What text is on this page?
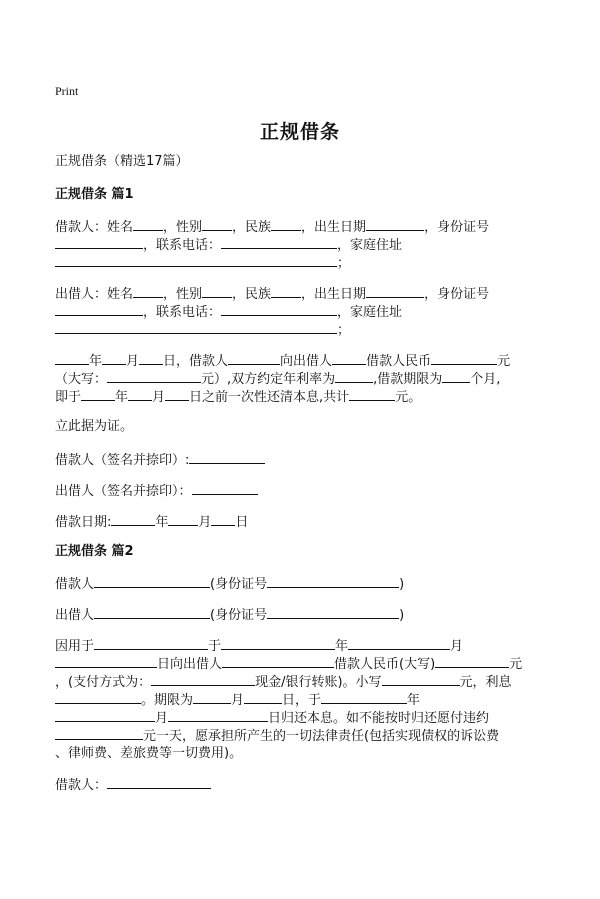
Print
正规借条
正规借条（精选17篇）
正规借条 篇1
借款人：姓名 ，性别 ，民族 ，出生日期	，身份证号
，联系电话：	，家庭住址
；
出借人：姓名 ，性别 ，民族 ，出生日期	，身份证号
，联系电话：	，家庭住址
；
年 月 日，借款人	向出借人	借款人民币	元
（大写：	元）,双方约定年利率为	,借款期限为 个月,
即于	年 月 日之前一次性还清本息,共计	元。
立此据为证。
借款人（签名并捺印）:
出借人（签名并捺印）：
借款日期:	年 月 日
正规借条 篇2
借款人	(身份证号	)
出借人	(身份证号	)
因用于	于	年	月
日向出借人	借款人民币(大写)	元
，(支付方式为：	现金/银行转账)。小写	元，利息
。期限为	月	日，于	年
月	日归还本息。如不能按时归还愿付违约
元一天，愿承担所产生的一切法律责任(包括实现债权的诉讼费
、律师费、差旅费等一切费用)。
借款人：
